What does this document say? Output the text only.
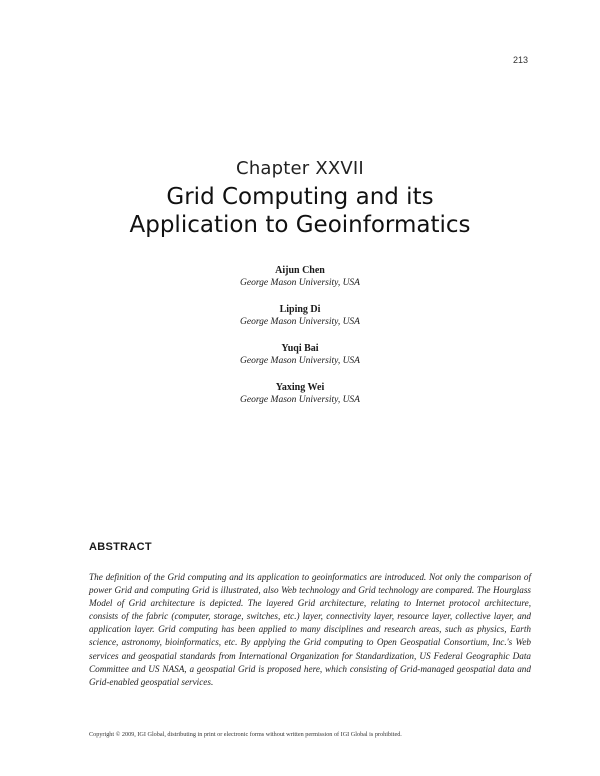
213
Chapter XXVII
Grid Computing and its
Application to Geoinformatics
Aijun Chen
George Mason University, USA
Liping Di
George Mason University, USA
Yuqi Bai
George Mason University, USA
Yaxing Wei
George Mason University, USA
ABSTRACT
The definition of the Grid computing and its application to geoinformatics are introduced. Not only the comparison of power Grid and computing Grid is illustrated, also Web technology and Grid technology are compared. The Hourglass Model of Grid architecture is depicted. The layered Grid architecture, relating to Internet protocol architecture, consists of the fabric (computer, storage, switches, etc.) layer, connectivity layer, resource layer, collective layer, and application layer. Grid computing has been applied to many disciplines and research areas, such as physics, Earth science, astronomy, bioinformatics, etc. By applying the Grid computing to Open Geospatial Consortium, Inc.'s Web services and geospatial standards from International Organization for Standardization, US Federal Geographic Data Committee and US NASA, a geospatial Grid is proposed here, which consisting of Grid-managed geospatial data and Grid-enabled geospatial services.
Copyright © 2009, IGI Global, distributing in print or electronic forms without written permission of IGI Global is prohibited.
